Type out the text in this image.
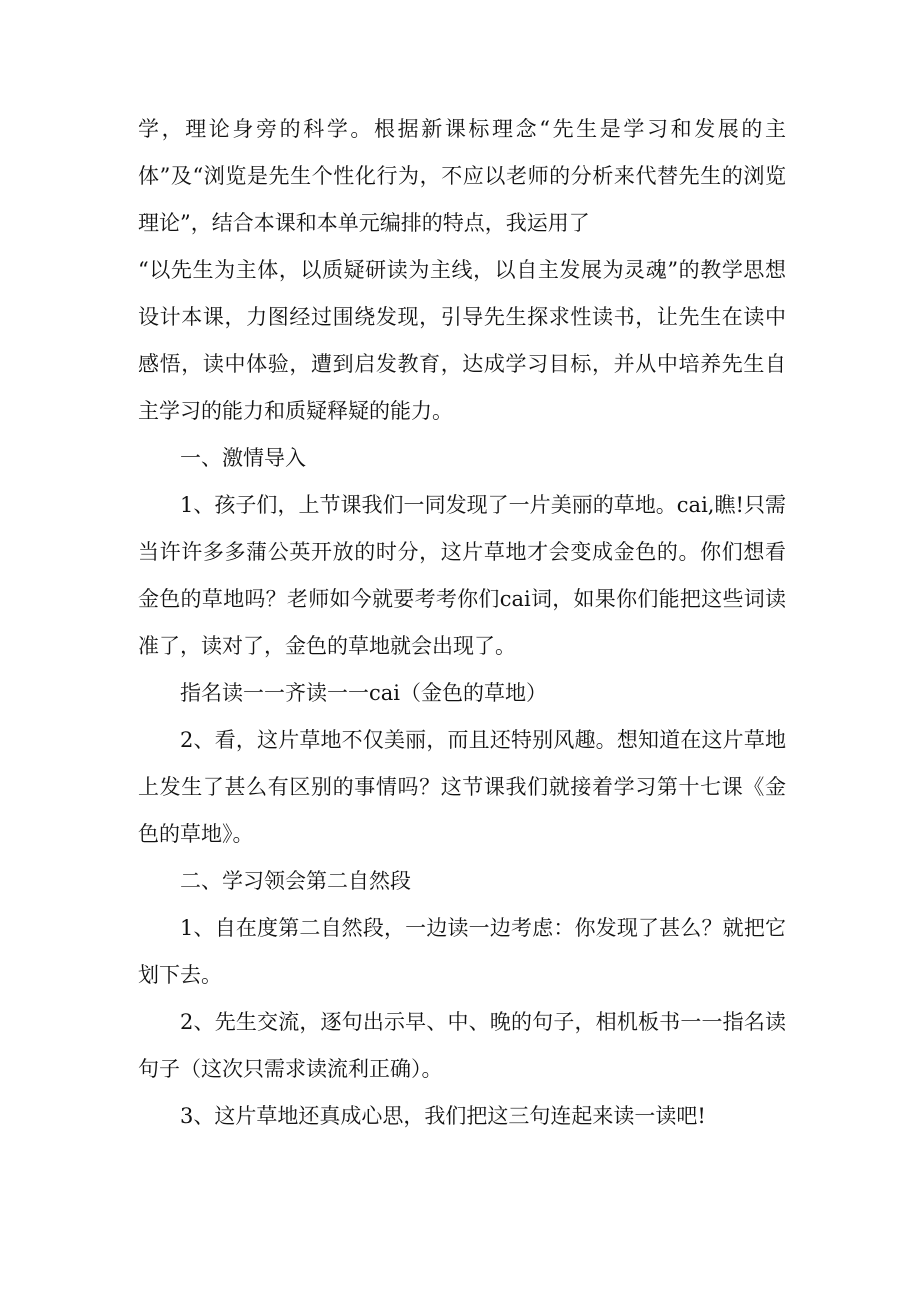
学，理论身旁的科学。根据新课标理念“先生是学习和发展的主体”及“浏览是先生个性化行为，不应以老师的分析来代替先生的浏览理论”，结合本课和本单元编排的特点，我运用了

“以先生为主体，以质疑研读为主线，以自主发展为灵魂”的教学思想设计本课，力图经过围绕发现，引导先生探求性读书，让先生在读中感悟，读中体验，遭到启发教育，达成学习目标，并从中培养先生自主学习的能力和质疑释疑的能力。

一、激情导入

1、孩子们，上节课我们一同发现了一片美丽的草地。cai,瞧!只需当许许多多蒲公英开放的时分，这片草地才会变成金色的。你们想看金色的草地吗？老师如今就要考考你们cai词，如果你们能把这些词读准了，读对了，金色的草地就会出现了。

指名读一一齐读一一cai（金色的草地）

2、看，这片草地不仅美丽，而且还特别风趣。想知道在这片草地上发生了甚么有区别的事情吗？这节课我们就接着学习第十七课《金色的草地》。

二、学习领会第二自然段

1、自在度第二自然段，一边读一边考虑：你发现了甚么？就把它划下去。

2、先生交流，逐句出示早、中、晚的句子，相机板书一一指名读句子（这次只需求读流利正确）。

3、这片草地还真成心思，我们把这三句连起来读一读吧!
